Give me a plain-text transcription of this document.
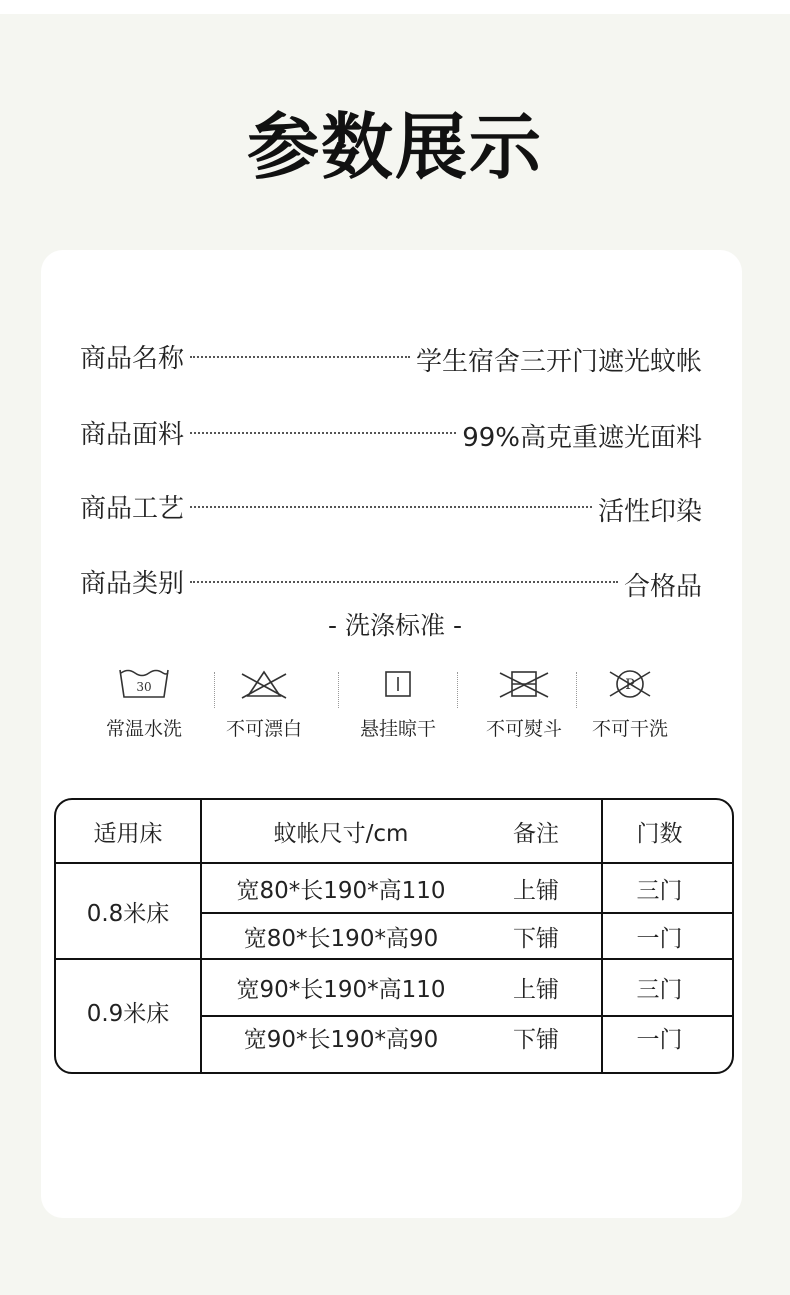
参数展示
商品名称	学生宿舍三开门遮光蚊帐
商品面料	99%高克重遮光面料
商品工艺	活性印染
商品类别	合格品
- 洗涤标准 -
30
常温水洗	不可漂白	悬挂晾干	不可熨斗
P
不可干洗
适用床	蚊帐尺寸/cm	备注	门数
0.8米床
宽80*长190*高110	上铺	三门
宽80*长190*高90	下铺	一门
0.9米床
宽90*长190*高110	上铺	三门
宽90*长190*高90	下铺	一门
